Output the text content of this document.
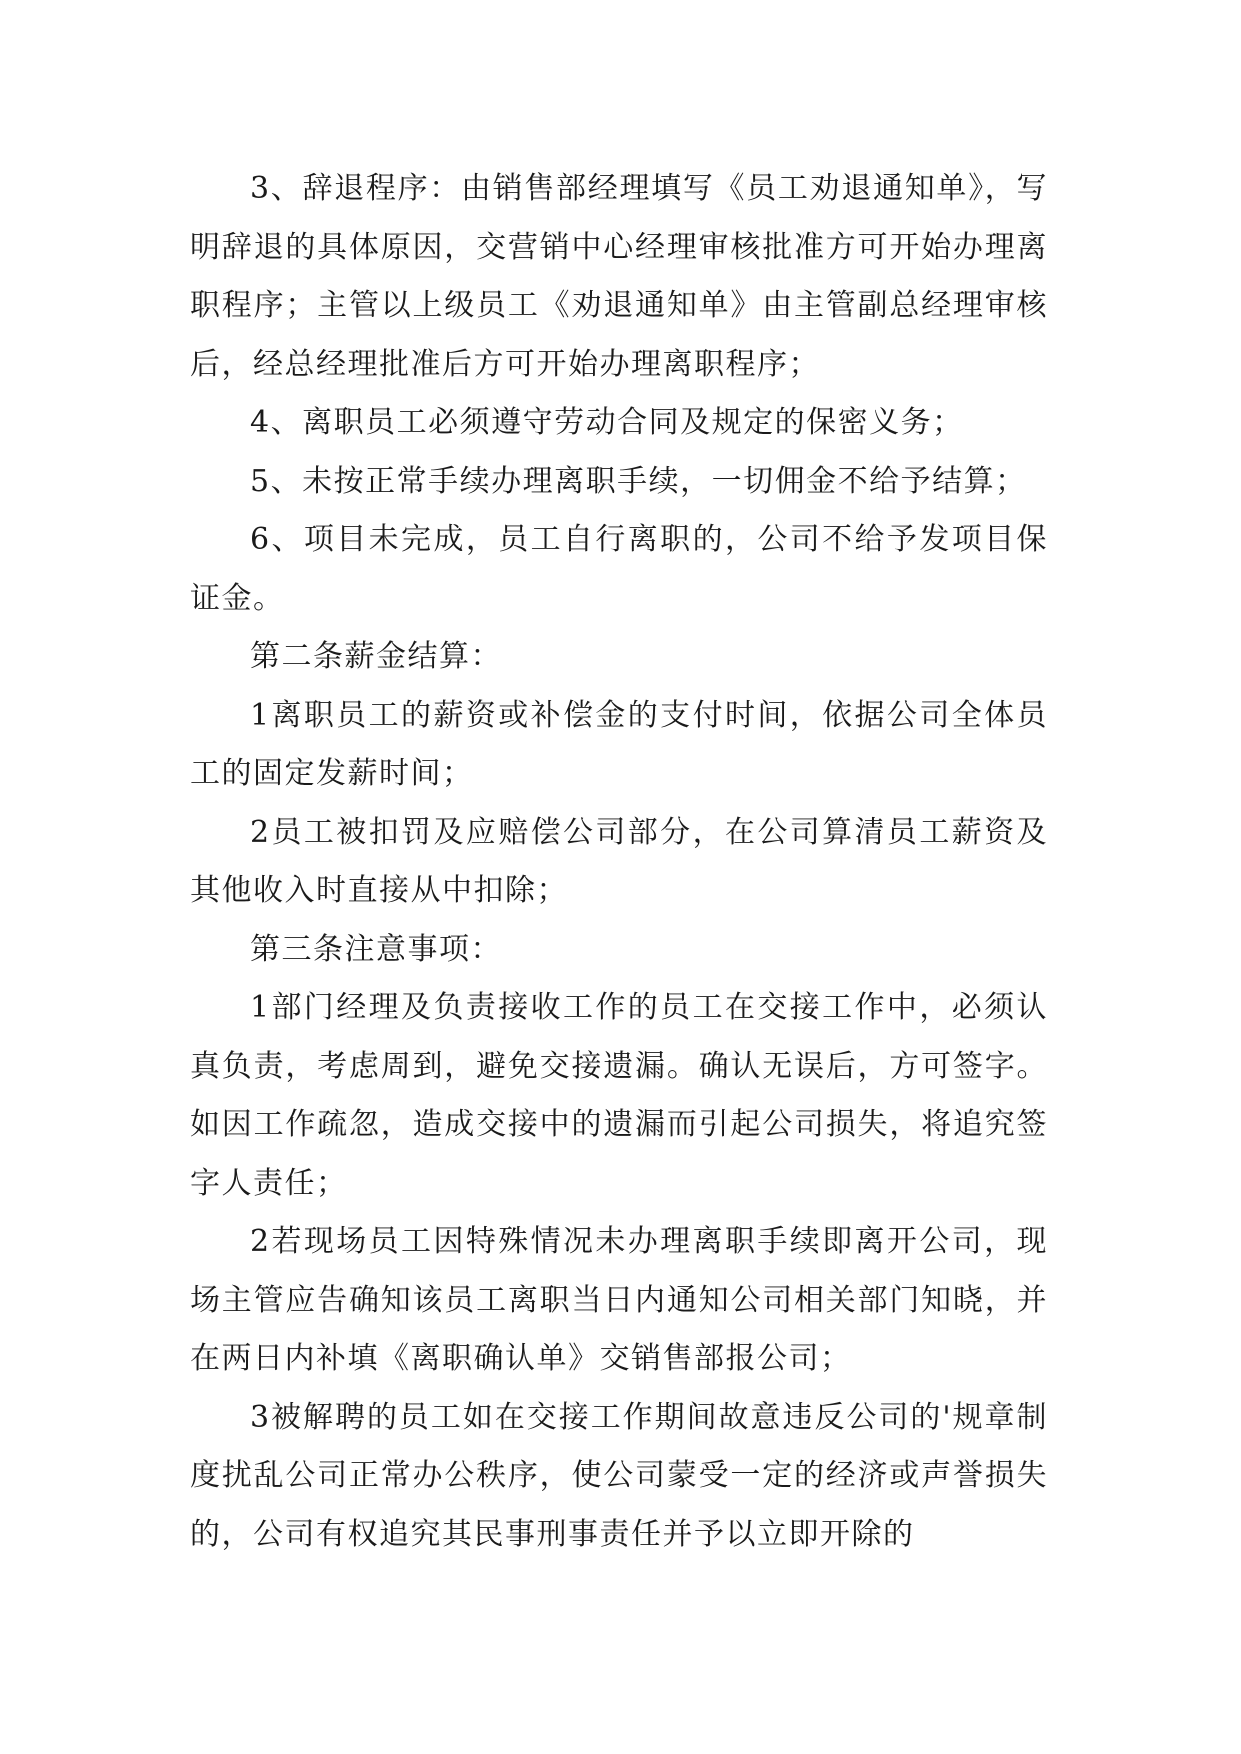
3、辞退程序：由销售部经理填写《员工劝退通知单》，写明辞退的具体原因，交营销中心经理审核批准方可开始办理离职程序；主管以上级员工《劝退通知单》由主管副总经理审核后，经总经理批准后方可开始办理离职程序；

4、离职员工必须遵守劳动合同及规定的保密义务；

5、未按正常手续办理离职手续，一切佣金不给予结算；

6、项目未完成，员工自行离职的，公司不给予发项目保证金。

第二条薪金结算：

1离职员工的薪资或补偿金的支付时间，依据公司全体员工的固定发薪时间；

2员工被扣罚及应赔偿公司部分，在公司算清员工薪资及其他收入时直接从中扣除；

第三条注意事项：

1部门经理及负责接收工作的员工在交接工作中，必须认真负责，考虑周到，避免交接遗漏。确认无误后，方可签字。如因工作疏忽，造成交接中的遗漏而引起公司损失，将追究签字人责任；

2若现场员工因特殊情况未办理离职手续即离开公司，现场主管应告确知该员工离职当日内通知公司相关部门知晓，并在两日内补填《离职确认单》交销售部报公司；

3被解聘的员工如在交接工作期间故意违反公司的'规章制度扰乱公司正常办公秩序，使公司蒙受一定的经济或声誉损失的，公司有权追究其民事刑事责任并予以立即开除的
